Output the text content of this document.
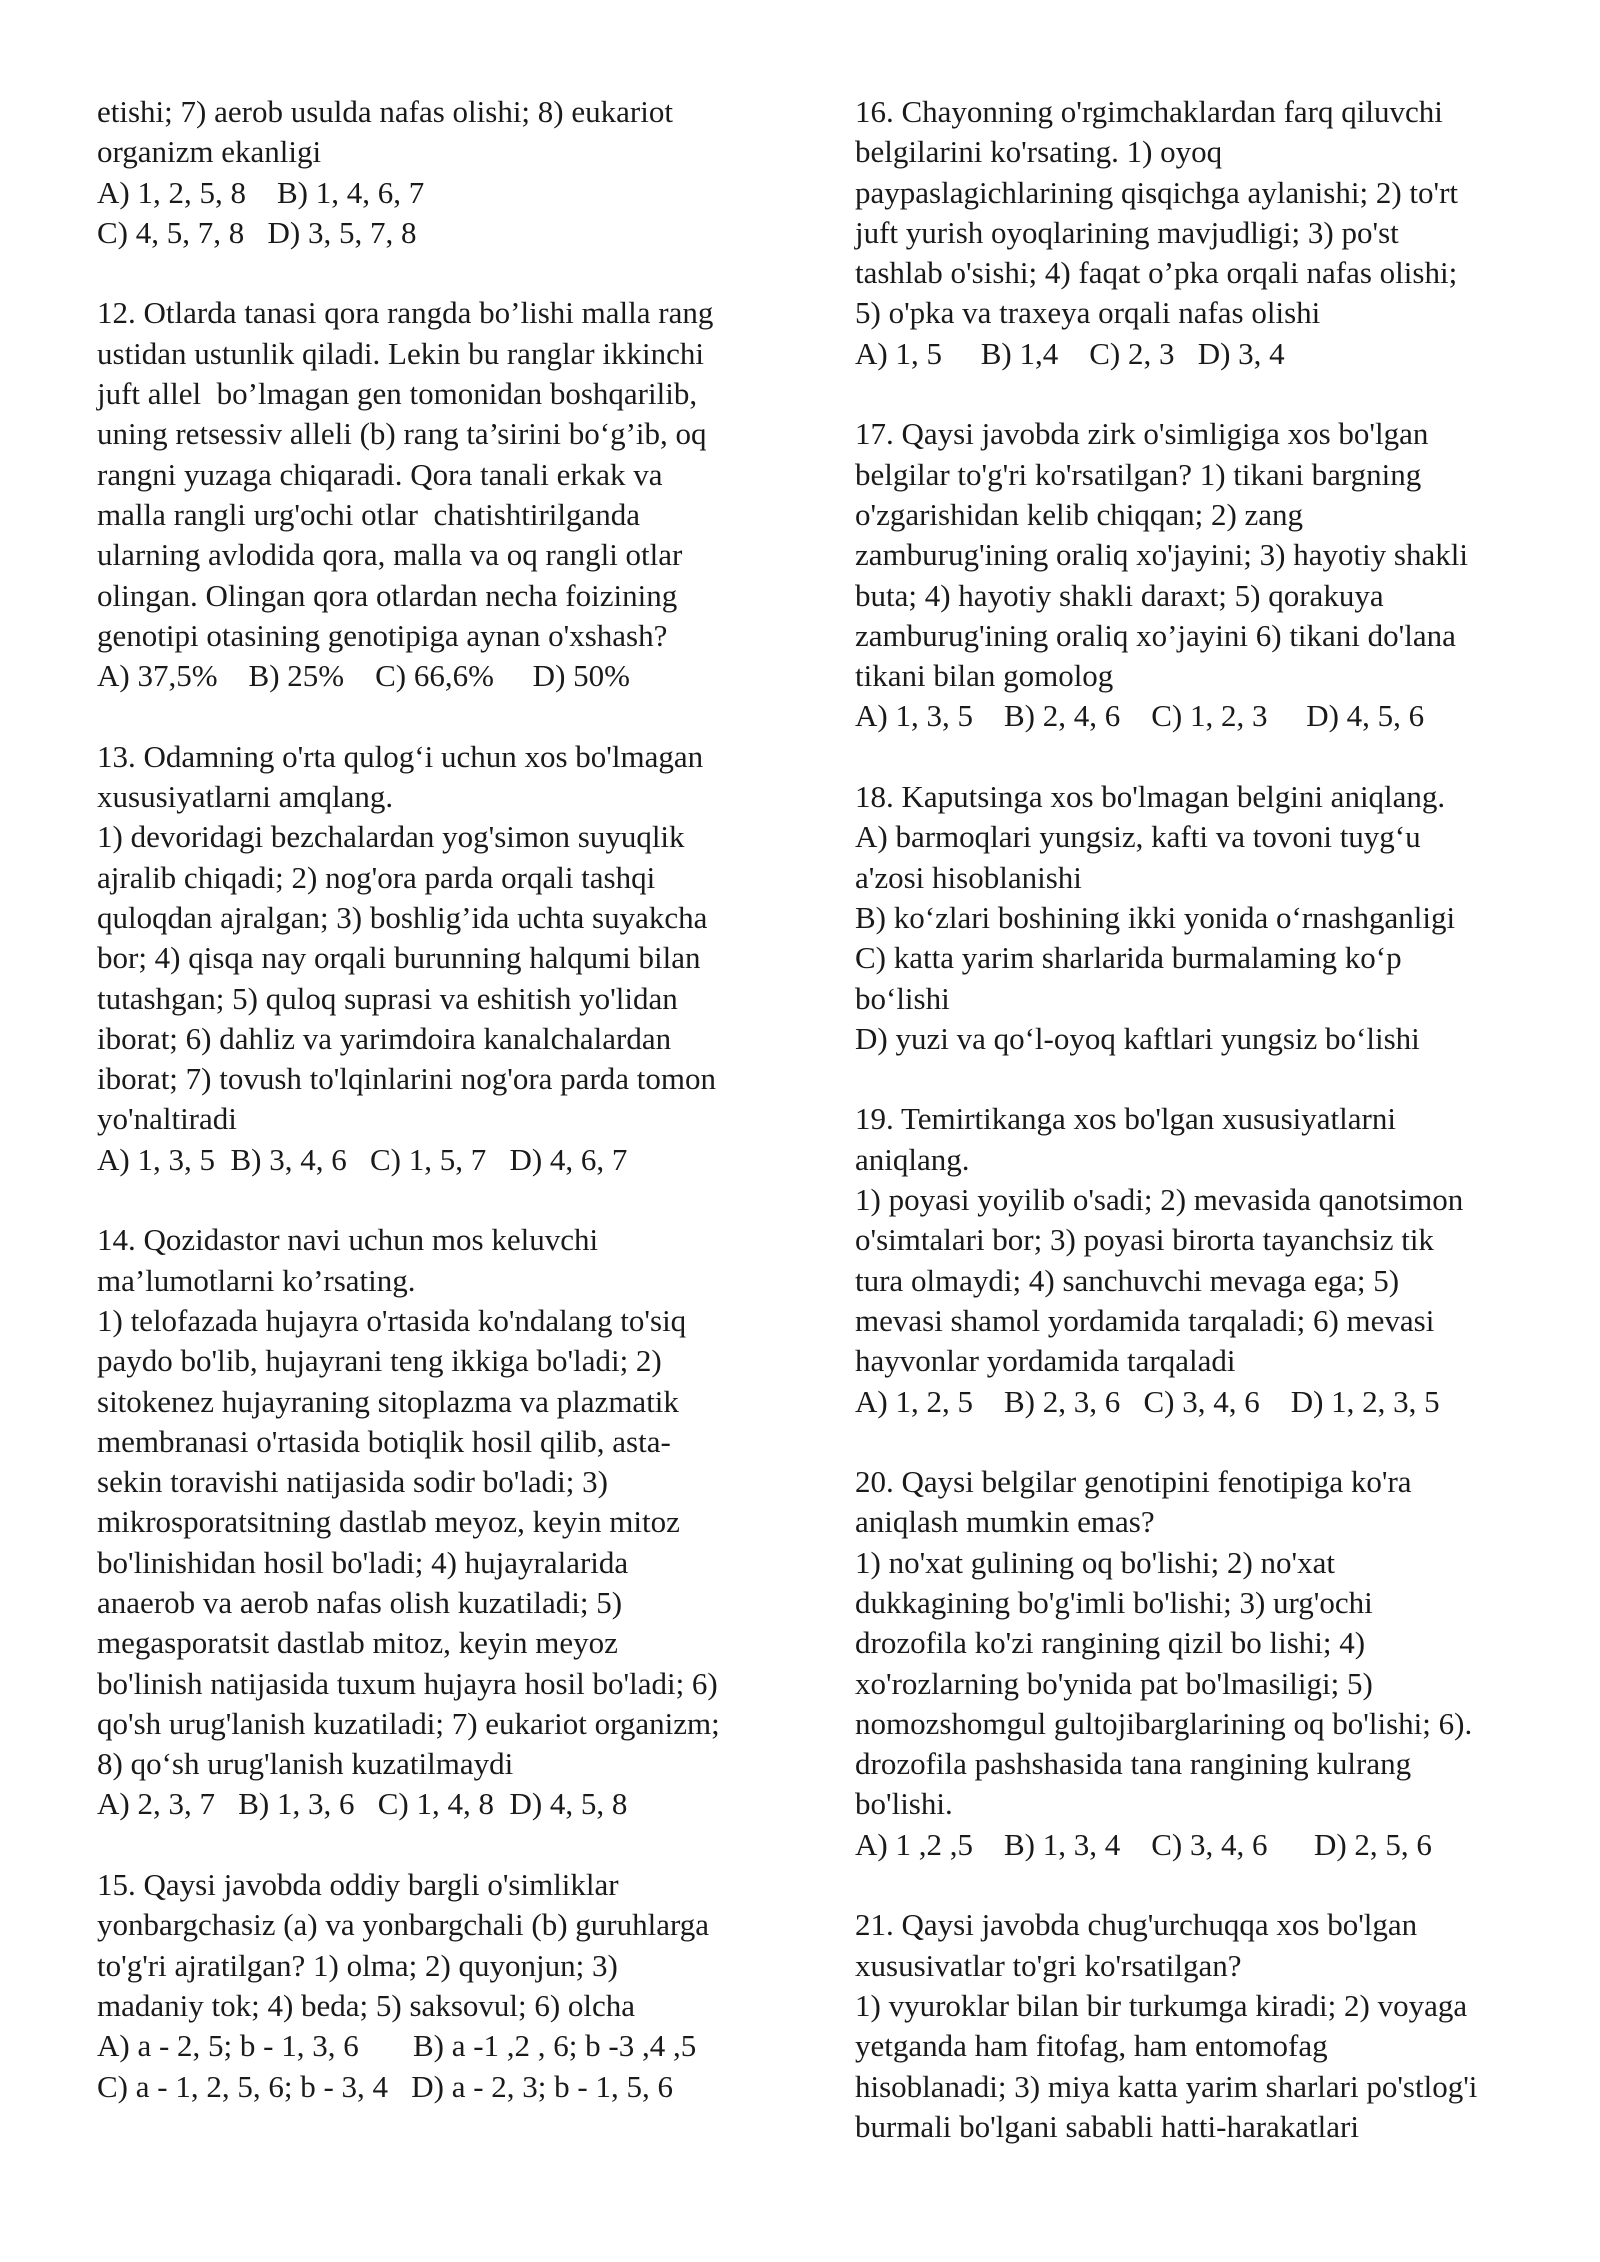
etishi; 7) aerob usulda nafas olishi; 8) eukariot
organizm ekanligi
A) 1, 2, 5, 8    B) 1, 4, 6, 7
C) 4, 5, 7, 8   D) 3, 5, 7, 8
12. Otlarda tanasi qora rangda bo’lishi malla rang
ustidan ustunlik qiladi. Lekin bu ranglar ikkinchi
juft allel  bo’lmagan gen tomonidan boshqarilib,
uning retsessiv alleli (b) rang ta’sirini bo‘g’ib, oq
rangni yuzaga chiqaradi. Qora tanali erkak va
malla rangli urg'ochi otlar  chatishtirilganda
ularning avlodida qora, malla va oq rangli otlar
olingan. Olingan qora otlardan necha foizining
genotipi otasining genotipiga aynan o'xshash?
A) 37,5%    B) 25%    C) 66,6%     D) 50%
13. Odamning o'rta qulog‘i uchun xos bo'lmagan
xususiyatlarni amqlang.
1) devoridagi bezchalardan yog'simon suyuqlik
ajralib chiqadi; 2) nog'ora parda orqali tashqi
quloqdan ajralgan; 3) boshlig’ida uchta suyakcha
bor; 4) qisqa nay orqali burunning halqumi bilan
tutashgan; 5) quloq suprasi va eshitish yo'lidan
iborat; 6) dahliz va yarimdoira kanalchalardan
iborat; 7) tovush to'lqinlarini nog'ora parda tomon
yo'naltiradi
A) 1, 3, 5  B) 3, 4, 6   C) 1, 5, 7   D) 4, 6, 7
14. Qozidastor navi uchun mos keluvchi
ma’lumotlarni ko’rsating.
1) telofazada hujayra o'rtasida ko'ndalang to'siq
paydo bo'lib, hujayrani teng ikkiga bo'ladi; 2)
sitokenez hujayraning sitoplazma va plazmatik
membranasi o'rtasida botiqlik hosil qilib, asta-
sekin toravishi natijasida sodir bo'ladi; 3)
mikrosporatsitning dastlab meyoz, keyin mitoz
bo'linishidan hosil bo'ladi; 4) hujayralarida
anaerob va aerob nafas olish kuzatiladi; 5)
megasporatsit dastlab mitoz, keyin meyoz
bo'linish natijasida tuxum hujayra hosil bo'ladi; 6)
qo'sh urug'lanish kuzatiladi; 7) eukariot organizm;
8) qo‘sh urug'lanish kuzatilmaydi
A) 2, 3, 7   B) 1, 3, 6   C) 1, 4, 8  D) 4, 5, 8
15. Qaysi javobda oddiy bargli o'simliklar
yonbargchasiz (a) va yonbargchali (b) guruhlarga
to'g'ri ajratilgan? 1) olma; 2) quyonjun; 3)
madaniy tok; 4) beda; 5) saksovul; 6) olcha
A) a - 2, 5; b - 1, 3, 6       B) a -1 ,2 , 6; b -3 ,4 ,5
C) a - 1, 2, 5, 6; b - 3, 4   D) a - 2, 3; b - 1, 5, 6
16. Chayonning o'rgimchaklardan farq qiluvchi
belgilarini ko'rsating. 1) oyoq
paypaslagichlarining qisqichga aylanishi; 2) to'rt
juft yurish oyoqlarining mavjudligi; 3) po'st
tashlab o'sishi; 4) faqat o’pka orqali nafas olishi;
5) o'pka va traxeya orqali nafas olishi
A) 1, 5     B) 1,4    C) 2, 3   D) 3, 4
17. Qaysi javobda zirk o'simligiga xos bo'lgan
belgilar to'g'ri ko'rsatilgan? 1) tikani bargning
o'zgarishidan kelib chiqqan; 2) zang
zamburug'ining oraliq xo'jayini; 3) hayotiy shakli
buta; 4) hayotiy shakli daraxt; 5) qorakuya
zamburug'ining oraliq xo’jayini 6) tikani do'lana
tikani bilan gomolog
A) 1, 3, 5    B) 2, 4, 6    C) 1, 2, 3     D) 4, 5, 6
18. Kaputsinga xos bo'lmagan belgini aniqlang.
A) barmoqlari yungsiz, kafti va tovoni tuyg‘u
a'zosi hisoblanishi
B) ko‘zlari boshining ikki yonida o‘rnashganligi
C) katta yarim sharlarida burmalaming ko‘p
bo‘lishi
D) yuzi va qo‘l-oyoq kaftlari yungsiz bo‘lishi
19. Temirtikanga xos bo'lgan xususiyatlarni
aniqlang.
1) poyasi yoyilib o'sadi; 2) mevasida qanotsimon
o'simtalari bor; 3) poyasi birorta tayanchsiz tik
tura olmaydi; 4) sanchuvchi mevaga ega; 5)
mevasi shamol yordamida tarqaladi; 6) mevasi
hayvonlar yordamida tarqaladi
A) 1, 2, 5    B) 2, 3, 6   C) 3, 4, 6    D) 1, 2, 3, 5
20. Qaysi belgilar genotipini fenotipiga ko'ra
aniqlash mumkin emas?
1) no'xat gulining oq bo'lishi; 2) no'xat
dukkagining bo'g'imli bo'lishi; 3) urg'ochi
drozofila ko'zi rangining qizil bo lishi; 4)
xo'rozlarning bo'ynida pat bo'lmasiligi; 5)
nomozshomgul gultojibarglarining oq bo'lishi; 6).
drozofila pashshasida tana rangining kulrang
bo'lishi.
A) 1 ,2 ,5    B) 1, 3, 4    C) 3, 4, 6      D) 2, 5, 6
21. Qaysi javobda chug'urchuqqa xos bo'lgan
xususivatlar to'gri ko'rsatilgan?
1) vyuroklar bilan bir turkumga kiradi; 2) voyaga
yetganda ham fitofag, ham entomofag
hisoblanadi; 3) miya katta yarim sharlari po'stlog'i
burmali bo'lgani sababli hatti-harakatlari
